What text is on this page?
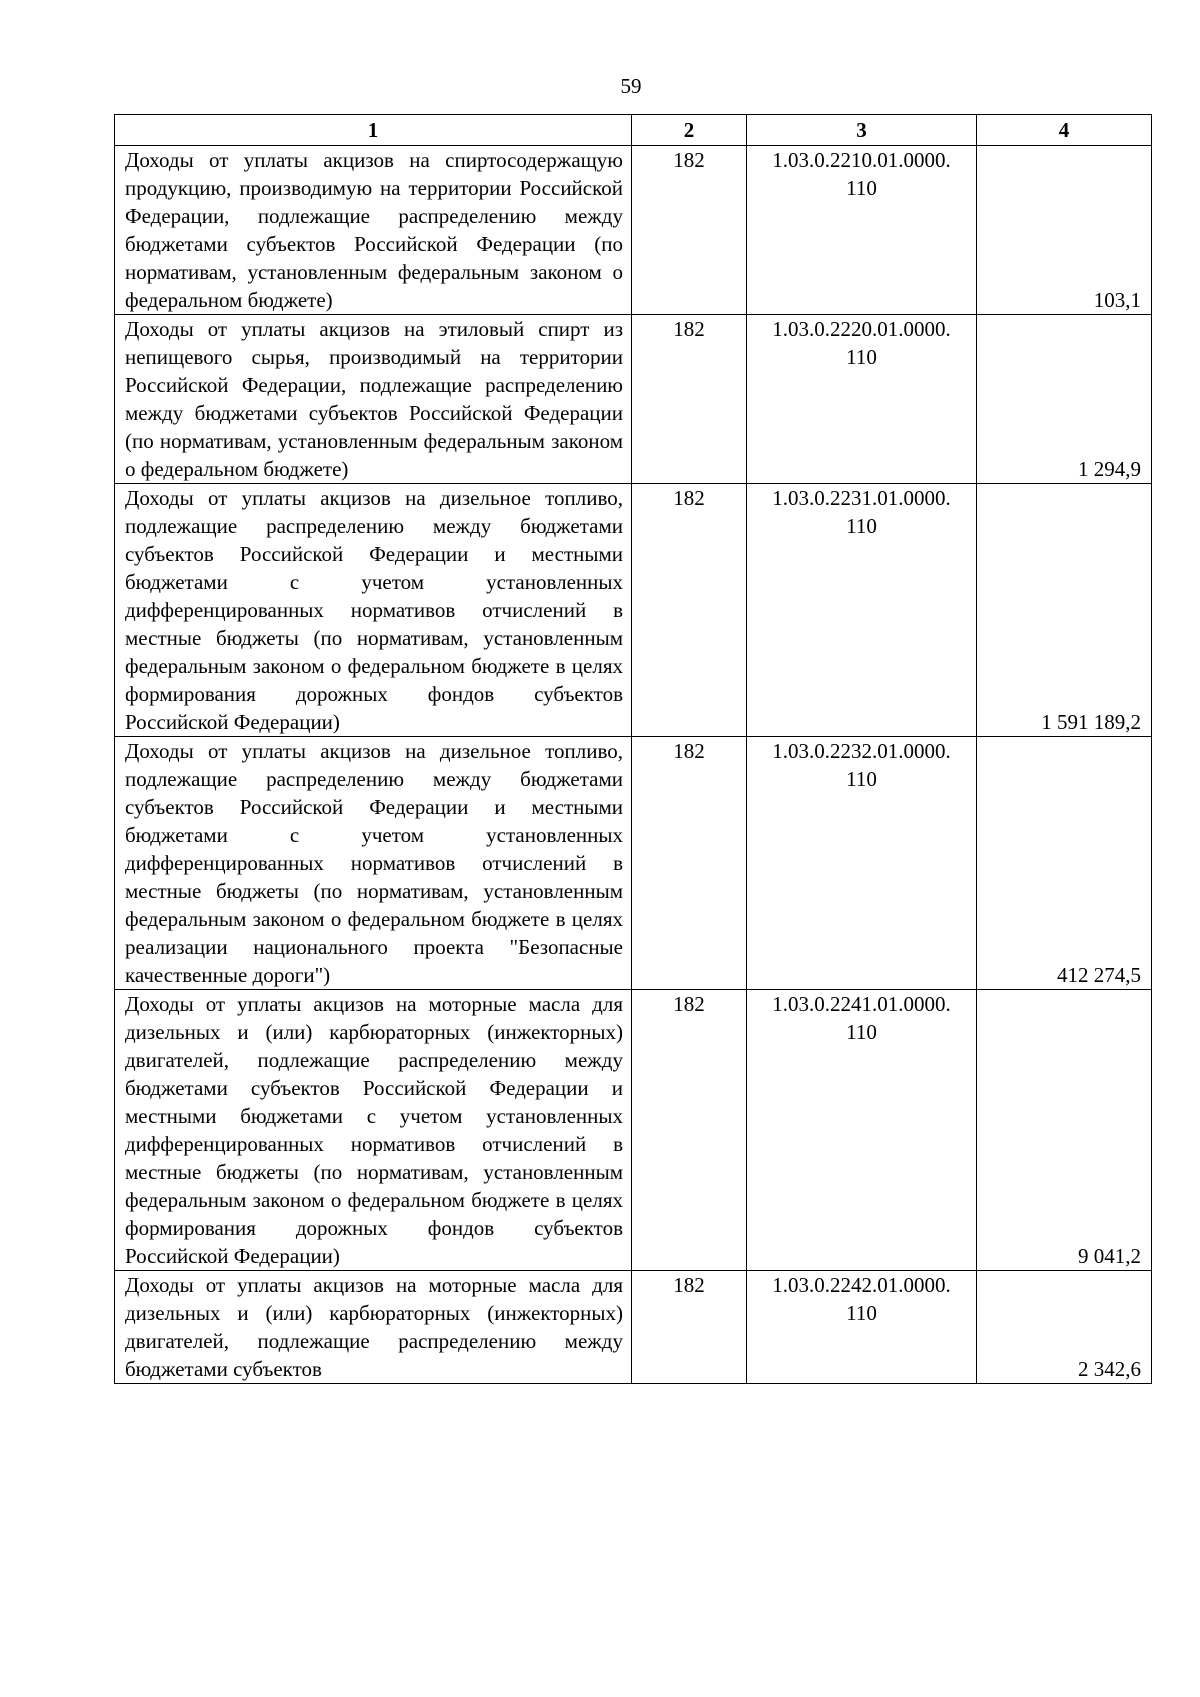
59
1	2	3	4
Доходы от уплаты акцизов на спиртосодержащую продукцию, производимую на территории Российской Федерации, подлежащие распределению между бюджетами субъектов Российской Федерации (по нормативам, установленным федеральным законом о федеральном бюджете)	182	1.03.0.2210.01.0000.
110	103,1
Доходы от уплаты акцизов на этиловый спирт из непищевого сырья, производимый на территории Российской Федерации, подлежащие распределению между бюджетами субъектов Российской Федерации (по нормативам, установленным федеральным законом о федеральном бюджете)	182	1.03.0.2220.01.0000.
110	1 294,9
Доходы от уплаты акцизов на дизельное топливо, подлежащие распределению между бюджетами субъектов Российской Федерации и местными бюджетами с учетом установленных дифференцированных нормативов отчислений в местные бюджеты (по нормативам, установленным федеральным законом о федеральном бюджете в целях формирования дорожных фондов субъектов Российской Федерации)	182	1.03.0.2231.01.0000.
110	1 591 189,2
Доходы от уплаты акцизов на дизельное топливо, подлежащие распределению между бюджетами субъектов Российской Федерации и местными бюджетами с учетом установленных дифференцированных нормативов отчислений в местные бюджеты (по нормативам, установленным федеральным законом о федеральном бюджете в целях реализации национального проекта "Безопасные качественные дороги")	182	1.03.0.2232.01.0000.
110	412 274,5
Доходы от уплаты акцизов на моторные масла для дизельных и (или) карбюраторных (инжекторных) двигателей, подлежащие распределению между бюджетами субъектов Российской Федерации и местными бюджетами с учетом установленных дифференцированных нормативов отчислений в местные бюджеты (по нормативам, установленным федеральным законом о федеральном бюджете в целях формирования дорожных фондов субъектов Российской Федерации)	182	1.03.0.2241.01.0000.
110	9 041,2
Доходы от уплаты акцизов на моторные масла для дизельных и (или) карбюраторных (инжекторных) двигателей, подлежащие распределению между бюджетами субъектов	182	1.03.0.2242.01.0000.
110	2 342,6
